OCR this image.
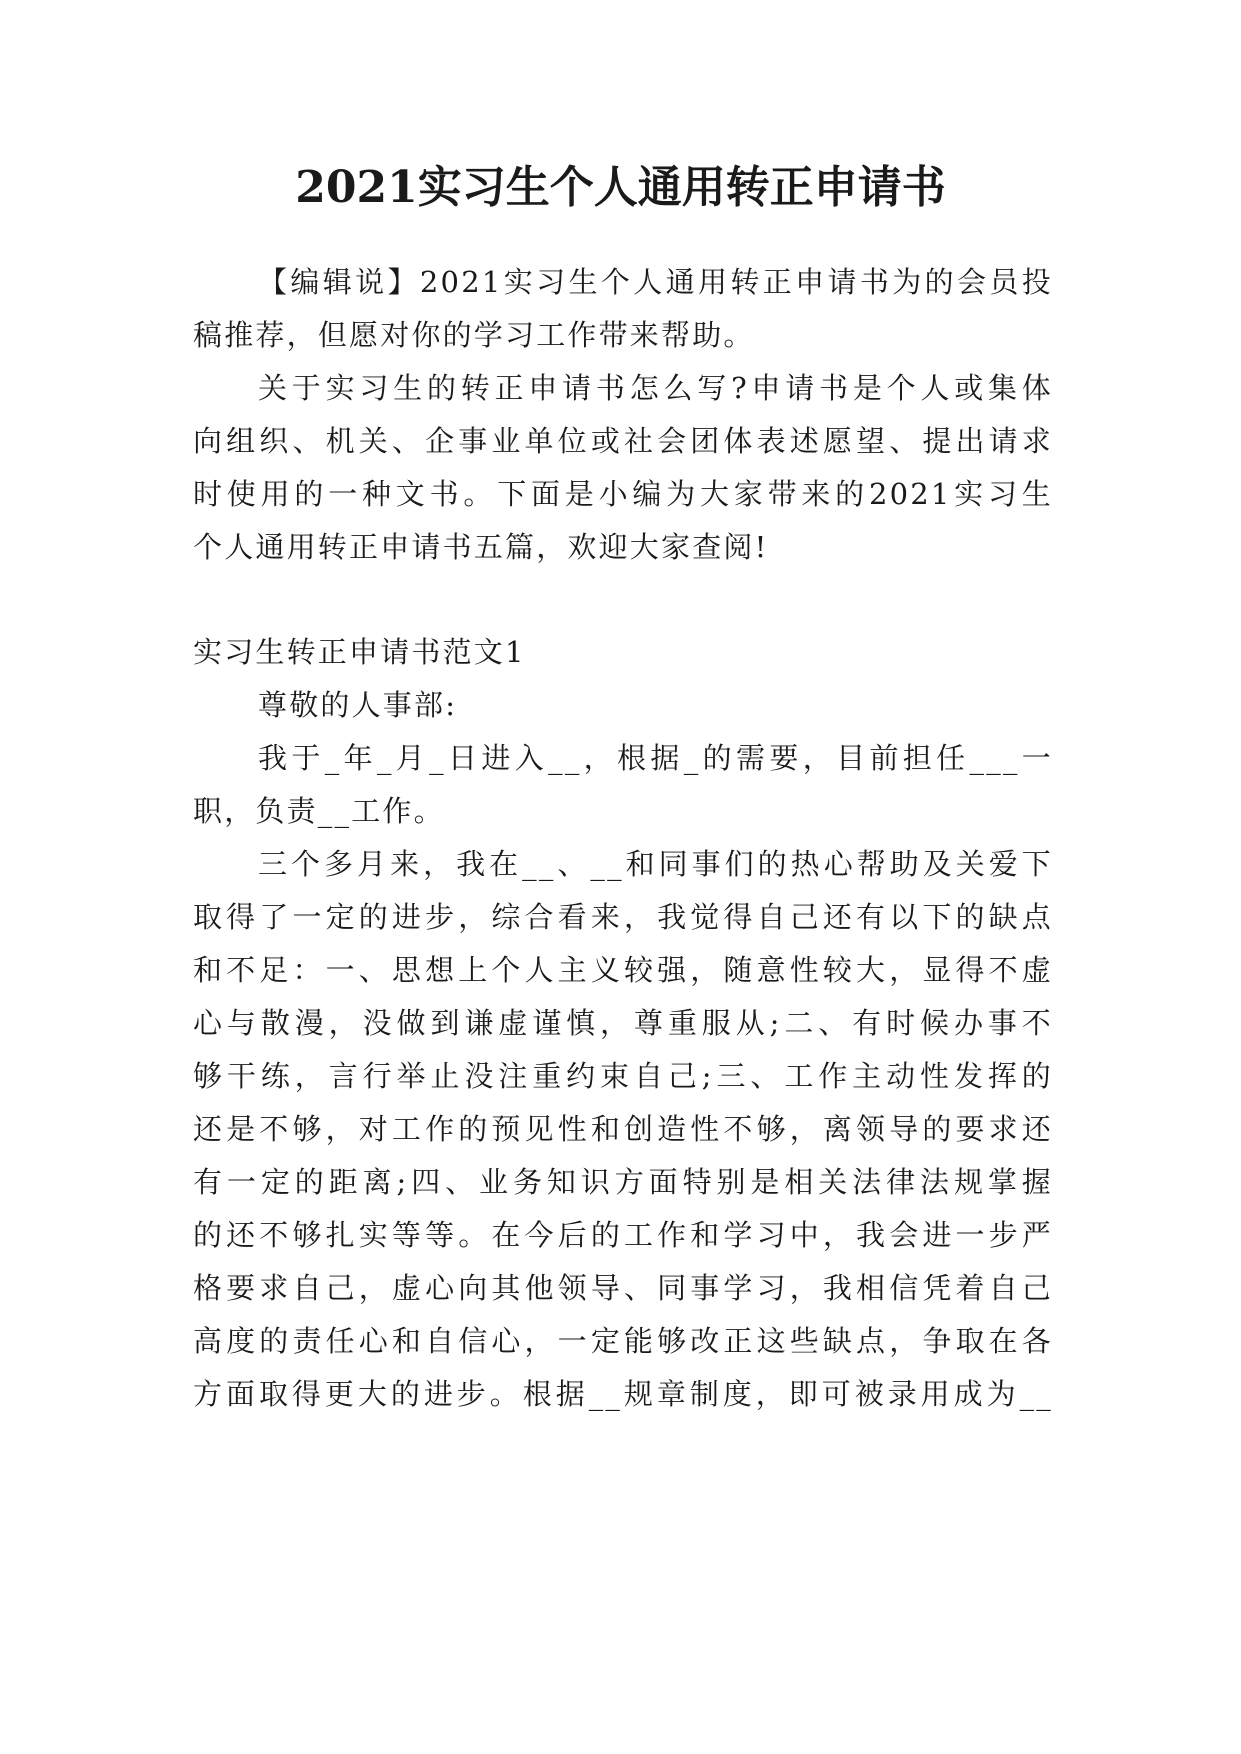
2021实习生个人通用转正申请书
【编辑说】2021实习生个人通用转正申请书为的会员投
稿推荐，但愿对你的学习工作带来帮助。
关于实习生的转正申请书怎么写?申请书是个人或集体
向组织、机关、企事业单位或社会团体表述愿望、提出请求
时使用的一种文书。下面是小编为大家带来的2021实习生
个人通用转正申请书五篇，欢迎大家查阅!
实习生转正申请书范文1
尊敬的人事部:
我于_年_月_日进入__，根据_的需要，目前担任___一
职，负责__工作。
三个多月来，我在__、__和同事们的热心帮助及关爱下
取得了一定的进步，综合看来，我觉得自己还有以下的缺点
和不足：一、思想上个人主义较强，随意性较大，显得不虚
心与散漫，没做到谦虚谨慎，尊重服从;二、有时候办事不
够干练，言行举止没注重约束自己;三、工作主动性发挥的
还是不够，对工作的预见性和创造性不够，离领导的要求还
有一定的距离;四、业务知识方面特别是相关法律法规掌握
的还不够扎实等等。在今后的工作和学习中，我会进一步严
格要求自己，虚心向其他领导、同事学习，我相信凭着自己
高度的责任心和自信心，一定能够改正这些缺点，争取在各
方面取得更大的进步。根据__规章制度，即可被录用成为__
